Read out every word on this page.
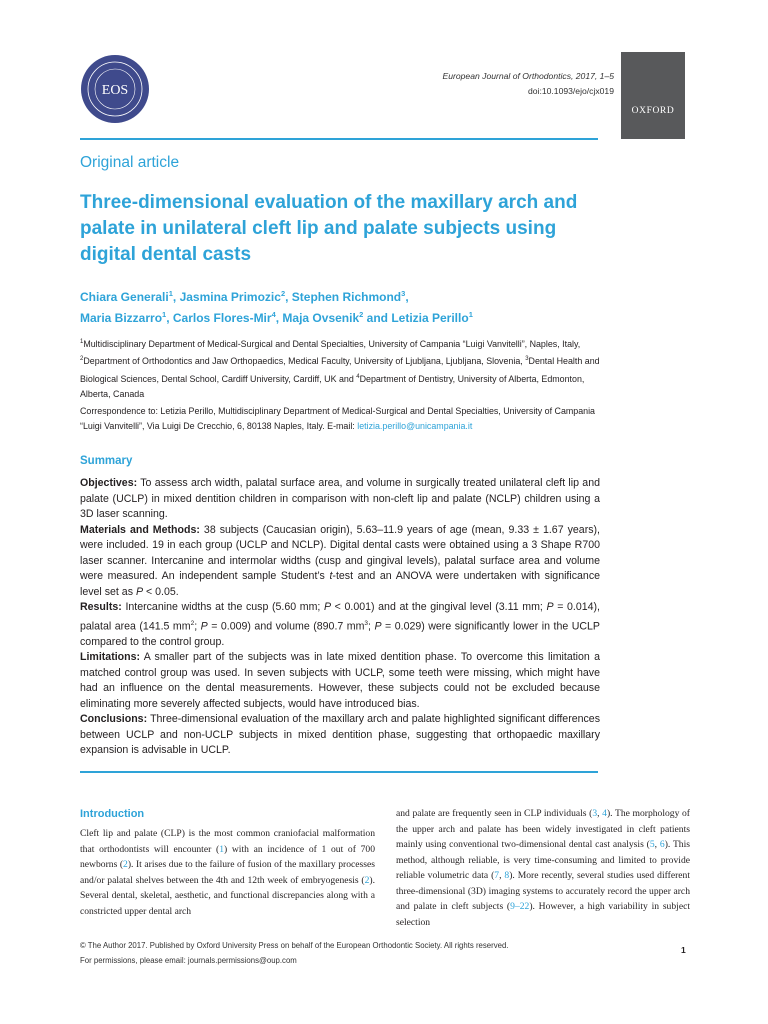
EOS
European Journal of Orthodontics, 2017, 1–5
doi:10.1093/ejo/cjx019
OXFORD
Original article
Three-dimensional evaluation of the maxillary arch and palate in unilateral cleft lip and palate subjects using digital dental casts
Chiara Generali$^1$, Jasmina Primozic$^2$, Stephen Richmond$^3$,
Maria Bizzarro$^1$, Carlos Flores-Mir$^4$, Maja Ovsenik$^2$ and Letizia Perillo$^1$
$^1$Multidisciplinary Department of Medical-Surgical and Dental Specialties, University of Campania “Luigi Vanvitelli”, Naples, Italy, $^2$Department of Orthodontics and Jaw Orthopaedics, Medical Faculty, University of Ljubljana, Ljubljana, Slovenia, $^3$Dental Health and Biological Sciences, Dental School, Cardiff University, Cardiff, UK and $^4$Department of Dentistry, University of Alberta, Edmonton, Alberta, Canada
Correspondence to: Letizia Perillo, Multidisciplinary Department of Medical-Surgical and Dental Specialties, University of Campania “Luigi Vanvitelli”, Via Luigi De Crecchio, 6, 80138 Naples, Italy. E-mail: letizia.perillo@unicampania.it
Summary

Objectives: To assess arch width, palatal surface area, and volume in surgically treated unilateral cleft lip and palate (UCLP) in mixed dentition children in comparison with non-cleft lip and palate (NCLP) children using a 3D laser scanning.

Materials and Methods: 38 subjects (Caucasian origin), 5.63–11.9 years of age (mean, 9.33 ± 1.67 years), were included. 19 in each group (UCLP and NCLP). Digital dental casts were obtained using a 3 Shape R700 laser scanner. Intercanine and intermolar widths (cusp and gingival levels), palatal surface area and volume were measured. An independent sample Student’s t-test and an ANOVA were undertaken with significance level set as P < 0.05.

Results: Intercanine widths at the cusp (5.60 mm; P < 0.001) and at the gingival level (3.11 mm; P = 0.014), palatal area (141.5 $mm^2$; P = 0.009) and volume (890.7 $mm^3$; P = 0.029) were significantly lower in the UCLP compared to the control group.

Limitations: A smaller part of the subjects was in late mixed dentition phase. To overcome this limitation a matched control group was used. In seven subjects with UCLP, some teeth were missing, which might have had an influence on the dental measurements. However, these subjects could not be excluded because eliminating more severely affected subjects, would have introduced bias.

Conclusions: Three-dimensional evaluation of the maxillary arch and palate highlighted significant differences between UCLP and non-UCLP subjects in mixed dentition phase, suggesting that orthopaedic maxillary expansion is advisable in UCLP.

Introduction
Cleft lip and palate (CLP) is the most common craniofacial malformation that orthodontists will encounter (1) with an incidence of 1 out of 700 newborns (2). It arises due to the failure of fusion of the maxillary processes and/or palatal shelves between the 4th and 12th week of embryogenesis (2). Several dental, skeletal, aesthetic, and functional discrepancies along with a constricted upper dental arch
and palate are frequently seen in CLP individuals (3, 4). The morphology of the upper arch and palate has been widely investigated in cleft patients mainly using conventional two-dimensional dental cast analysis (5, 6). This method, although reliable, is very time-consuming and limited to provide reliable volumetric data (7, 8). More recently, several studies used different three-dimensional (3D) imaging systems to accurately record the upper arch and palate in cleft subjects (9–22). However, a high variability in subject selection
© The Author 2017. Published by Oxford University Press on behalf of the European Orthodontic Society. All rights reserved.
For permissions, please email: journals.permissions@oup.com
1
